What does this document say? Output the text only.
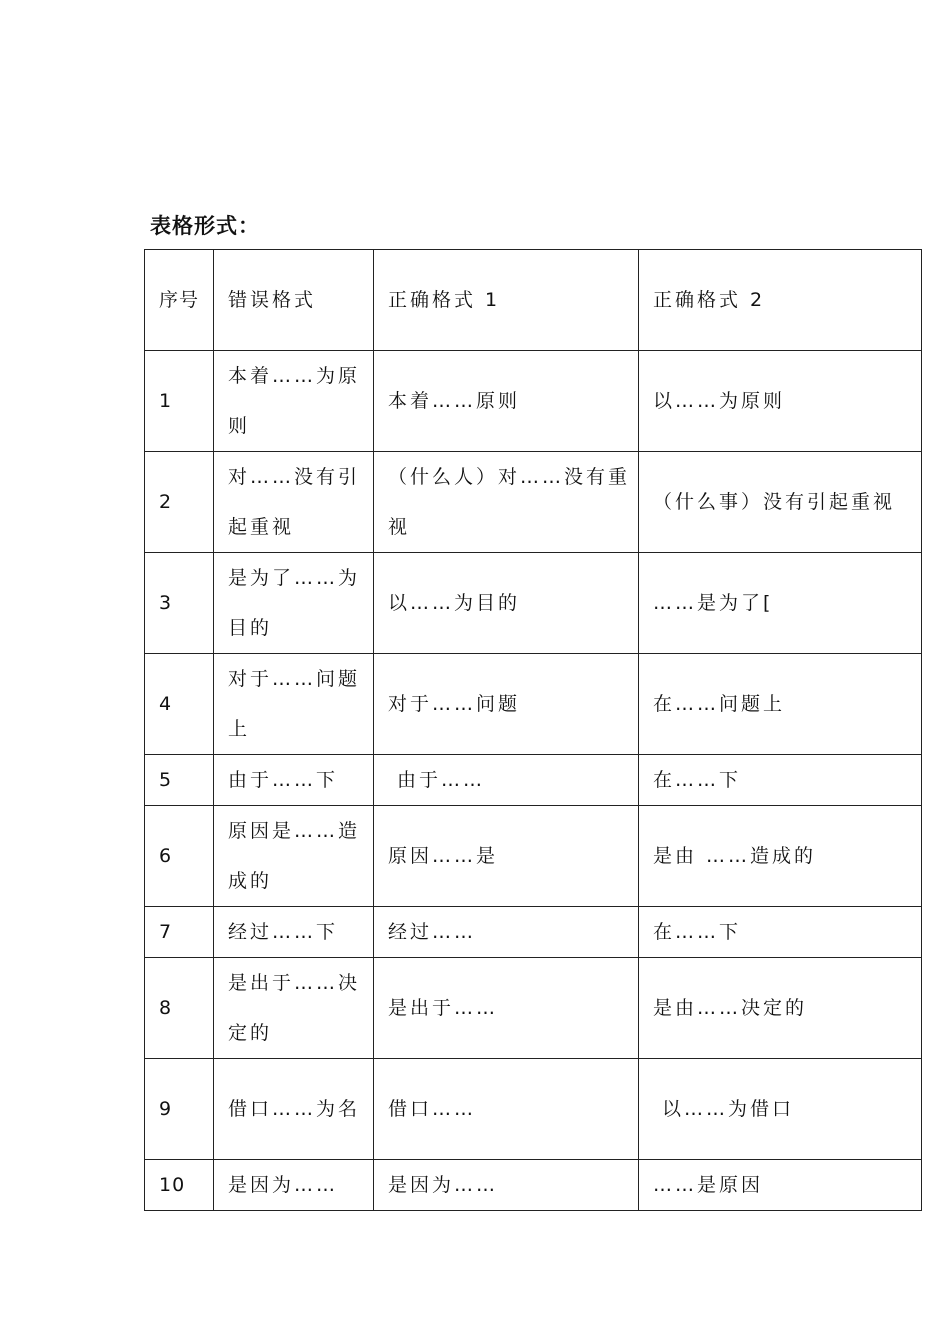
表格形式：
序号	错误格式	正确格式 1	正确格式 2
1	本着……为原则	本着……原则	以……为原则
2	对……没有引起重视	（什么人）对……没有重视	（什么事）没有引起重视
3	是为了……为目的	以……为目的	……是为了[
4	对于……问题上	对于……问题	在……问题上
5	由于……下	由于……	在……下
6	原因是……造成的	原因……是	是由 ……造成的
7	经过……下	经过……	在……下
8	是出于……决定的	是出于……	是由……决定的
9	借口……为名	借口……	以……为借口
10	是因为……	是因为……	……是原因
